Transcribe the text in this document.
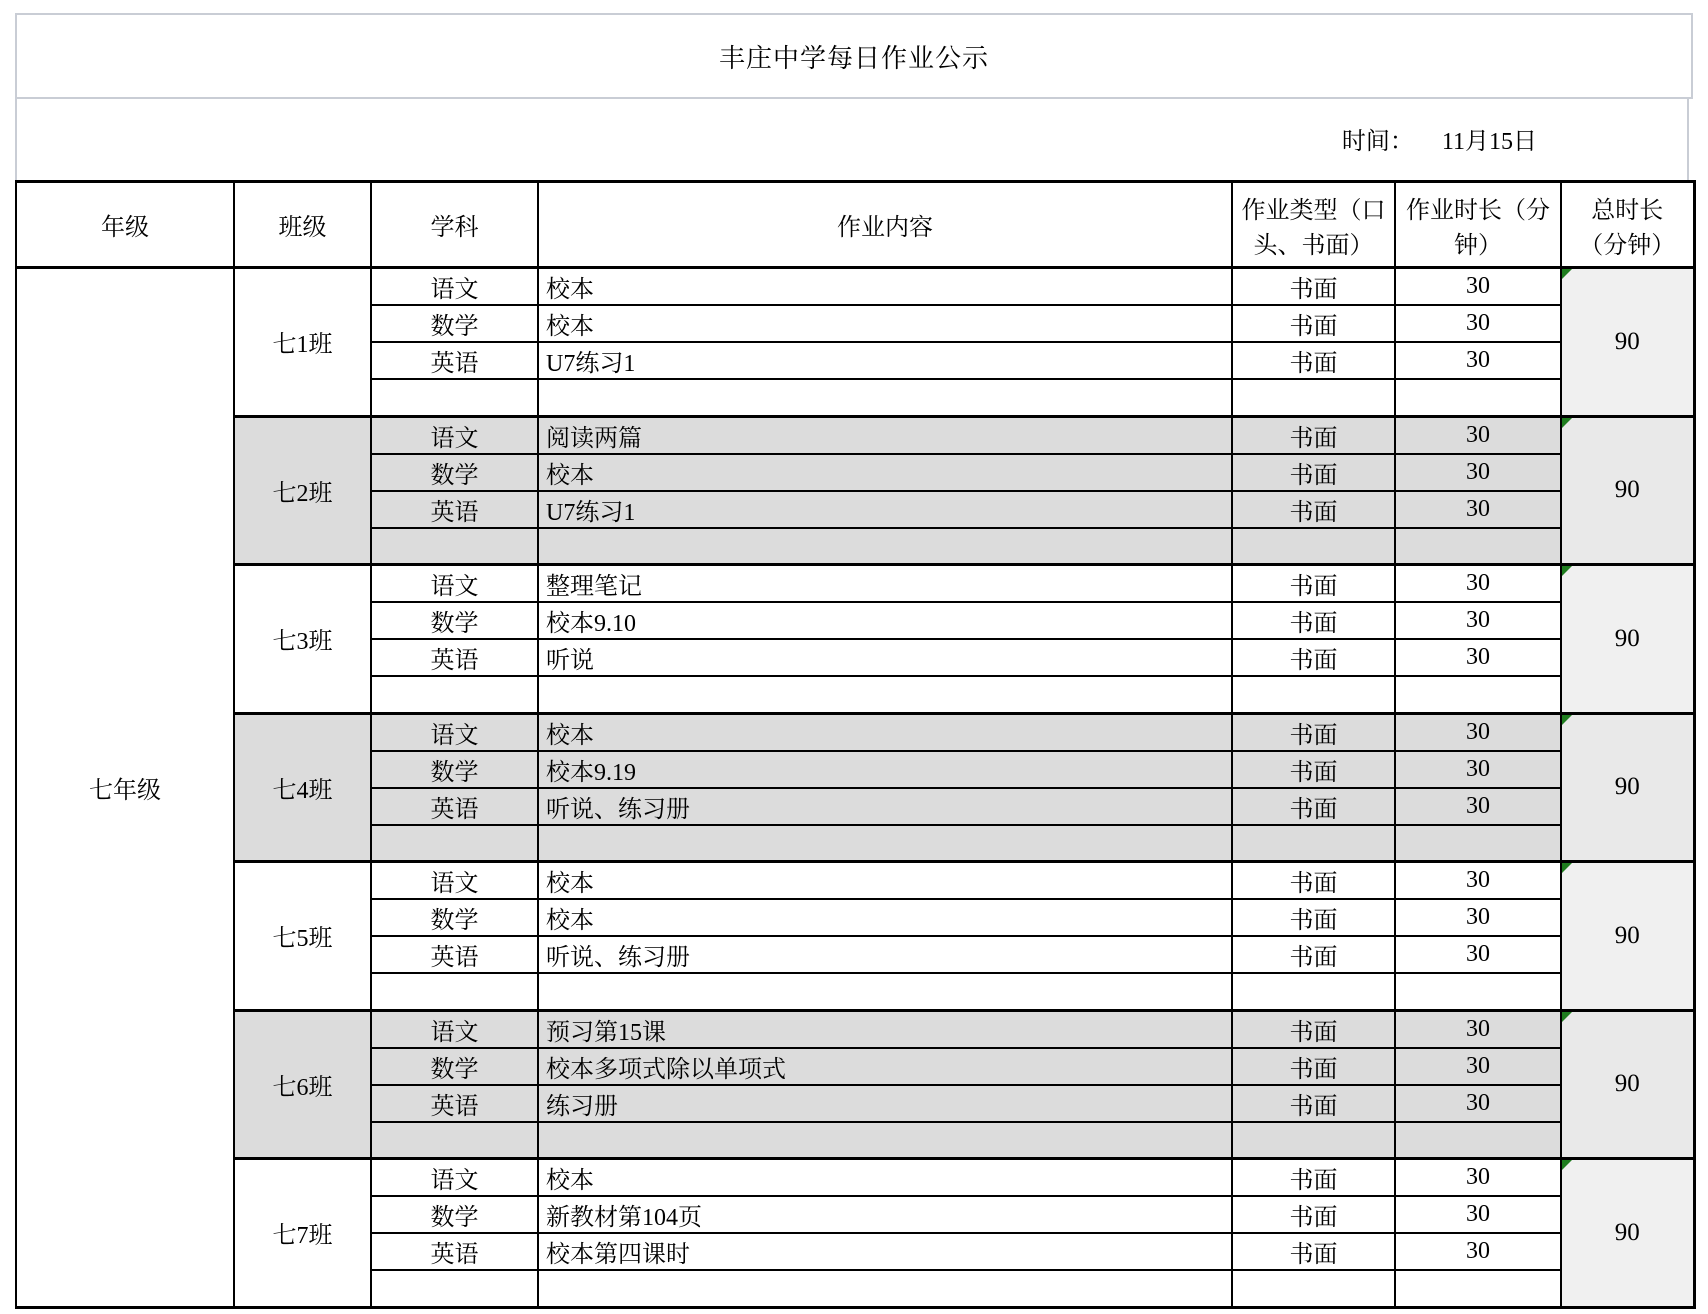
丰庄中学每日作业公示
时间： 11月15日
年级	班级	学科	作业内容	作业类型（口头、书面）	作业时长（分钟）	总时长（分钟）
七年级	七1班	语文	校本	书面	30	90
		数学	校本	书面	30	
		英语	U7练习1	书面	30	

	七2班	语文	阅读两篇	书面	30	90
		数学	校本	书面	30	
		英语	U7练习1	书面	30	

	七3班	语文	整理笔记	书面	30	90
		数学	校本9.10	书面	30	
		英语	听说	书面	30	

	七4班	语文	校本	书面	30	90
		数学	校本9.19	书面	30	
		英语	听说、练习册	书面	30	

	七5班	语文	校本	书面	30	90
		数学	校本	书面	30	
		英语	听说、练习册	书面	30	

	七6班	语文	预习第15课	书面	30	90
		数学	校本多项式除以单项式	书面	30	
		英语	练习册	书面	30	

	七7班	语文	校本	书面	30	90
		数学	新教材第104页	书面	30	
		英语	校本第四课时	书面	30	
